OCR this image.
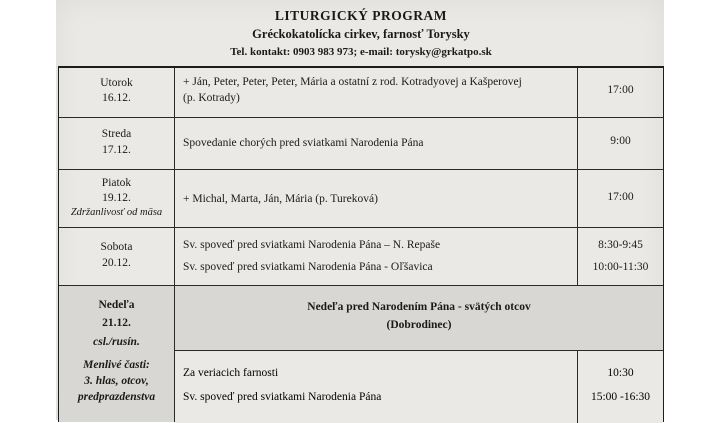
LITURGICKÝ PROGRAM
Gréckokatolícka cirkev, farnosť Torysky
Tel. kontakt: 0903 983 973; e-mail: torysky@grkatpo.sk
Utorok
16.12.
+ Ján, Peter, Peter, Peter, Mária a ostatní z rod. Kotradyovej a Kašperovej
(p. Kotrady)
17:00
Streda
17.12.
Spovedanie chorých pred sviatkami Narodenia Pána	9:00
Piatok
19.12.
Zdržanlivosť od mäsa
+ Michal, Marta, Ján, Mária (p. Tureková)	17:00
Sobota
20.12.
Sv. spoveď pred sviatkami Narodenia Pána – N. Repaše
Sv. spoveď pred sviatkami Narodenia Pána - Oľšavica
8:30-9:45
10:00-11:30
Nedeľa
21.12.
csl./rusín.
Menlivé časti:
3. hlas, otcov,
predprazdenstva
Nedeľa pred Narodením Pána - svätých otcov
(Dobrodinec)
Za veriacich farnosti
Sv. spoveď pred sviatkami Narodenia Pána
10:30
15:00 -16:30
